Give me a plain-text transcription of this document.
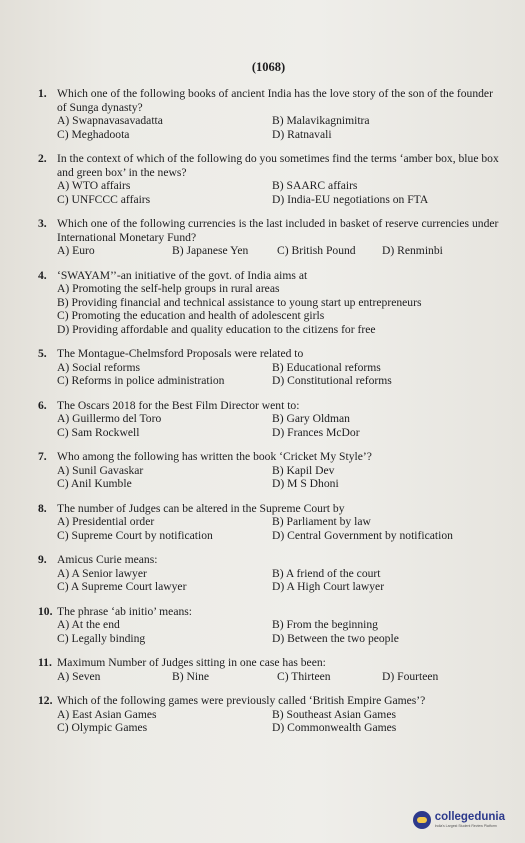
(1068)
1. Which one of the following books of ancient India has the love story of the son of the founder of Sunga dynasty?
A) Swapnavasavadatta	B) Malavikagnimitra
C) Meghadoota	D) Ratnavali
2. In the context of which of the following do you sometimes find the terms ‘amber box, blue box and green box’ in the news?
A) WTO affairs	B) SAARC affairs
C) UNFCCC affairs	D) India-EU negotiations on FTA
3. Which one of the following currencies is the last included in basket of reserve currencies under International Monetary Fund?
A) Euro	B) Japanese Yen	C) British Pound	D) Renminbi
4. ‘SWAYAM’’-an initiative of the govt. of India aims at
A) Promoting the self-help groups in rural areas
B) Providing financial and technical assistance to young start up entrepreneurs
C) Promoting the education and health of adolescent girls
D) Providing affordable and quality education to the citizens for free
5. The Montague-Chelmsford Proposals were related to
A) Social reforms	B) Educational reforms
C) Reforms in police administration	D) Constitutional reforms
6. The Oscars 2018 for the Best Film Director went to:
A) Guillermo del Toro	B) Gary Oldman
C) Sam Rockwell	D) Frances McDor
7. Who among the following has written the book ‘Cricket My Style’?
A) Sunil Gavaskar	B) Kapil Dev
C) Anil Kumble	D) M S Dhoni
8. The number of Judges can be altered in the Supreme Court by
A) Presidential order	B) Parliament by law
C) Supreme Court by notification	D) Central Government by notification
9. Amicus Curie means:
A) A Senior lawyer	B) A friend of the court
C) A Supreme Court lawyer	D) A High Court lawyer
10. The phrase ‘ab initio’ means:
A) At the end	B) From the beginning
C) Legally binding	D) Between the two people
11. Maximum Number of Judges sitting in one case has been:
A) Seven	B) Nine	C) Thirteen	D) Fourteen
12. Which of the following games were previously called ‘British Empire Games’?
A) East Asian Games	B) Southeast Asian Games
C) Olympic Games	D) Commonwealth Games
collegedunia
India's Largest Student Review Platform
